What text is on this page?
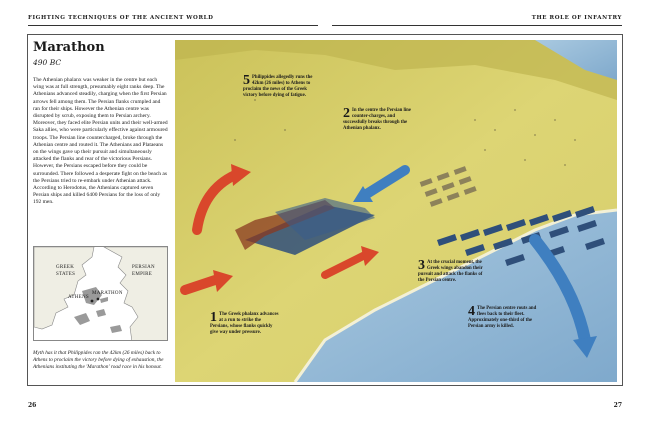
FIGHTING TECHNIQUES OF THE ANCIENT WORLD	THE ROLE OF INFANTRY
Marathon
490 BC
The Athenian phalanx was weaker in the centre but each wing was at full strength, presumably eight ranks deep. The Athenians advanced steadily, charging when the first Persian arrows fell among them. The Persian flanks crumpled and ran for their ships. However the Athenian centre was disrupted by scrub, exposing them to Persian archery. Moreover, they faced elite Persian units and their well-armed Saka allies, who were particularly effective against armoured troops. The Persian line countercharged, broke through the Athenian centre and routed it. The Athenians and Plataeans on the wings gave up their pursuit and simultaneously attacked the flanks and rear of the victorious Persians. However, the Persians escaped before they could be surrounded. There followed a desperate fight on the beach as the Persians tried to re-embark under Athenian attack. According to Herodotus, the Athenians captured seven Persian ships and killed 6400 Persians for the loss of only 192 men.
GREEK
STATES
PERSIAN
EMPIRE
ATHENS
MARATHON
Myth has it that Philippides ran the 42km (26 miles) back to Athens to proclaim the victory before dying of exhaustion, the Athenians instituting the 'Marathon' road race in his honour.
5 Philippides allegedly runs the 42km (26 miles) to Athens to proclaim the news of the Greek victory before dying of fatigue.
2 In the centre the Persian line counter-charges, and successfully breaks through the Athenian phalanx.
3 At the crucial moment, the Greek wings abandon their pursuit and attack the flanks of the Persian centre.
1 The Greek phalanx advances at a run to strike the Persians, whose flanks quickly give way under pressure.
4 The Persian centre routs and flees back to their fleet. Approximately one-third of the Persian army is killed.
26	27
